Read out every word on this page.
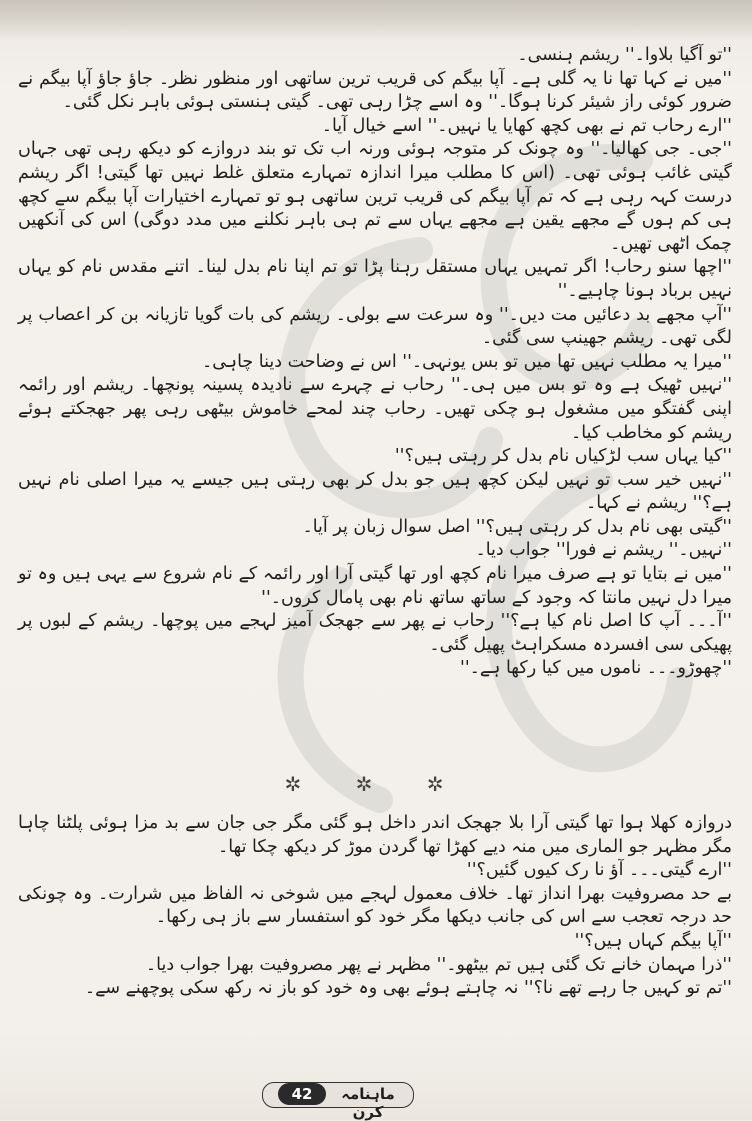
''تو آگیا بلاوا۔'' ریشم ہنسی۔

''میں نے کہا تھا نا یہ گلی ہے۔ آپا بیگم کی قریب ترین ساتھی اور منظور نظر۔ جاؤ جاؤ آپا بیگم نے ضرور کوئی راز شیئر کرنا ہوگا۔'' وہ اسے چڑا رہی تھی۔ گیتی ہنستی ہوئی باہر نکل گئی۔

''ارے رحاب تم نے بھی کچھ کھایا یا نہیں۔'' اسے خیال آیا۔

''جی۔ جی کھالیا۔'' وہ چونک کر متوجہ ہوئی ورنہ اب تک تو بند دروازے کو دیکھ رہی تھی جہاں گیتی غائب ہوئی تھی۔ (اس کا مطلب میرا اندازہ تمہارے متعلق غلط نہیں تھا گیتی! اگر ریشم درست کہہ رہی ہے کہ تم آپا بیگم کی قریب ترین ساتھی ہو تو تمہارے اختیارات آپا بیگم سے کچھ ہی کم ہوں گے مجھے یقین ہے مجھے یہاں سے تم ہی باہر نکلنے میں مدد دوگی) اس کی آنکھیں چمک اٹھی تھیں۔

''اچھا سنو رحاب! اگر تمہیں یہاں مستقل رہنا پڑا تو تم اپنا نام بدل لینا۔ اتنے مقدس نام کو یہاں نہیں برباد ہونا چاہیے۔''

''آپ مجھے بد دعائیں مت دیں۔'' وہ سرعت سے بولی۔ ریشم کی بات گویا تازیانہ بن کر اعصاب پر لگی تھی۔ ریشم جھینپ سی گئی۔

''میرا یہ مطلب نہیں تھا میں تو بس یونہی۔'' اس نے وضاحت دینا چاہی۔

''نہیں ٹھیک ہے وہ تو بس میں ہی۔'' رحاب نے چہرے سے نادیدہ پسینہ پونچھا۔ ریشم اور رائمہ اپنی گفتگو میں مشغول ہو چکی تھیں۔ رحاب چند لمحے خاموش بیٹھی رہی پھر جھجکتے ہوئے ریشم کو مخاطب کیا۔

''کیا یہاں سب لڑکیاں نام بدل کر رہتی ہیں؟''

''نہیں خیر سب تو نہیں لیکن کچھ ہیں جو بدل کر بھی رہتی ہیں جیسے یہ میرا اصلی نام نہیں ہے؟'' ریشم نے کہا۔

''گیتی بھی نام بدل کر رہتی ہیں؟'' اصل سوال زبان پر آیا۔

''نہیں۔'' ریشم نے فورا'' جواب دیا۔

''میں نے بتایا تو ہے صرف میرا نام کچھ اور تھا گیتی آرا اور رائمہ کے نام شروع سے یہی ہیں وہ تو میرا دل نہیں مانتا کہ وجود کے ساتھ ساتھ نام بھی پامال کروں۔''

''آ۔۔۔ آپ کا اصل نام کیا ہے؟'' رحاب نے پھر سے جھجک آمیز لہجے میں پوچھا۔ ریشم کے لبوں پر پھیکی سی افسردہ مسکراہٹ پھیل گئی۔

''چھوڑو۔۔۔ ناموں میں کیا رکھا ہے۔''

✲ ✲ ✲

دروازہ کھلا ہوا تھا گیتی آرا بلا جھجک اندر داخل ہو گئی مگر جی جان سے بد مزا ہوئی پلٹنا چاہا مگر مظہر جو الماری میں منہ دیے کھڑا تھا گردن موڑ کر دیکھ چکا تھا۔

''ارے گیتی۔۔۔ آؤ نا رک کیوں گئیں؟''

بے حد مصروفیت بھرا انداز تھا۔ خلاف معمول لہجے میں شوخی نہ الفاظ میں شرارت۔ وہ چونکی حد درجہ تعجب سے اس کی جانب دیکھا مگر خود کو استفسار سے باز ہی رکھا۔

''آپا بیگم کہاں ہیں؟''

''ذرا مہمان خانے تک گئی ہیں تم بیٹھو۔'' مظہر نے پھر مصروفیت بھرا جواب دیا۔

''تم تو کہیں جا رہے تھے نا؟'' نہ چاہتے ہوئے بھی وہ خود کو باز نہ رکھ سکی پوچھنے سے۔

42	ماہنامہ کرن
